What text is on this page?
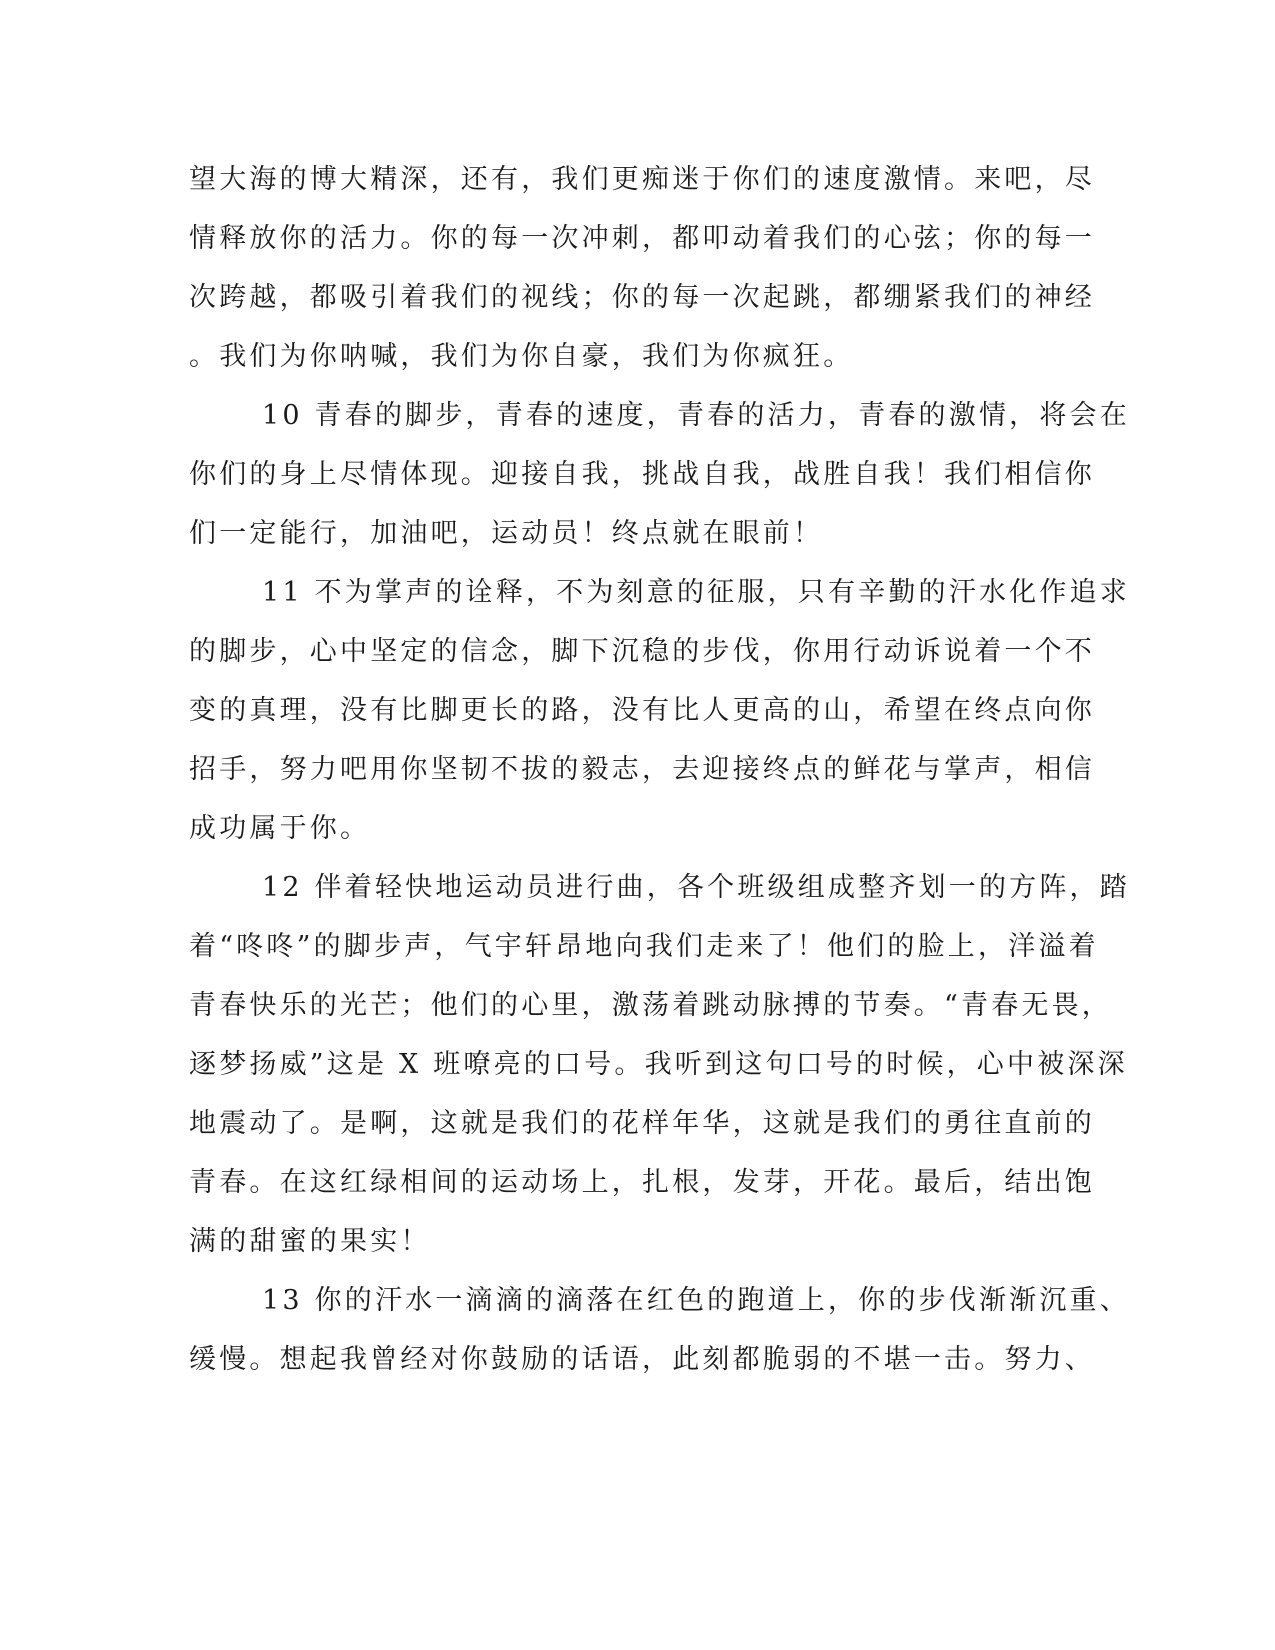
望大海的博大精深，还有，我们更痴迷于你们的速度激情。来吧，尽
情释放你的活力。你的每一次冲刺，都叩动着我们的心弦；你的每一
次跨越，都吸引着我们的视线；你的每一次起跳，都绷紧我们的神经
。我们为你呐喊，我们为你自豪，我们为你疯狂。
10 青春的脚步，青春的速度，青春的活力，青春的激情，将会在
你们的身上尽情体现。迎接自我，挑战自我，战胜自我！我们相信你
们一定能行，加油吧，运动员！终点就在眼前！
11 不为掌声的诠释，不为刻意的征服，只有辛勤的汗水化作追求
的脚步，心中坚定的信念，脚下沉稳的步伐，你用行动诉说着一个不
变的真理，没有比脚更长的路，没有比人更高的山，希望在终点向你
招手，努力吧用你坚韧不拔的毅志，去迎接终点的鲜花与掌声，相信
成功属于你。
12 伴着轻快地运动员进行曲，各个班级组成整齐划一的方阵，踏
着“咚咚”的脚步声，气宇轩昂地向我们走来了！他们的脸上，洋溢着
青春快乐的光芒；他们的心里，激荡着跳动脉搏的节奏。“青春无畏，
逐梦扬威”这是 X 班嘹亮的口号。我听到这句口号的时候，心中被深深
地震动了。是啊，这就是我们的花样年华，这就是我们的勇往直前的
青春。在这红绿相间的运动场上，扎根，发芽，开花。最后，结出饱
满的甜蜜的果实！
13 你的汗水一滴滴的滴落在红色的跑道上，你的步伐渐渐沉重、
缓慢。想起我曾经对你鼓励的话语，此刻都脆弱的不堪一击。努力、
